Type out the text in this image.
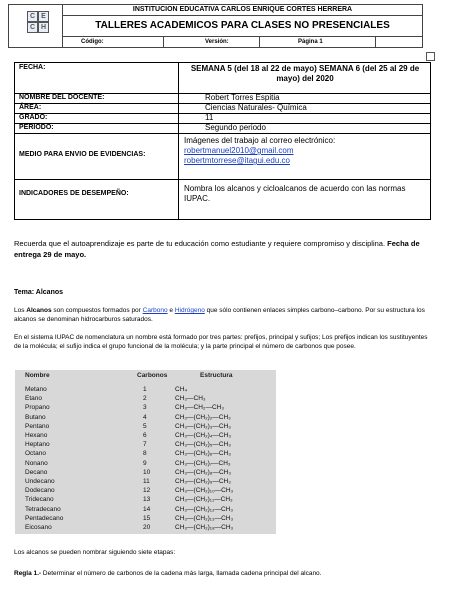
C E
C H
INSTITUCION EDUCATIVA CARLOS ENRIQUE CORTES HERRERA
TALLERES ACADEMICOS PARA CLASES NO PRESENCIALES
Código:	Versión:	Página 1
FECHA:	SEMANA 5 (del 18 al 22 de mayo) SEMANA 6 (del 25 al 29 de mayo) del 2020
NOMBRE DEL DOCENTE:	Robert Torres Espitia
ÁREA:	Ciencias Naturales- Química
GRADO:	11
PERIODO:	Segundo periodo
MEDIO PARA ENVIO DE EVIDENCIAS:
Imágenes del trabajo al correo electrónico:
robertmanuel2010@gmail.com
robertmtorrese@itagui.edu.co
INDICADORES DE DESEMPEÑO:
Nombra los alcanos y cicloalcanos de acuerdo con las normas IUPAC.
Recuerda que el autoaprendizaje es parte de tu educación como estudiante y requiere compromiso y disciplina. Fecha de entrega 29 de mayo.
Tema: Alcanos
Los Alcanos son compuestos formados por Carbono e Hidrógeno que sólo contienen enlaces simples carbono–carbono. Por su estructura los alcanos se denominan hidrocarburos saturados.
En el sistema IUPAC de nomenclatura un nombre está formado por tres partes: prefijos, principal y sufijos; Los prefijos indican los sustituyentes de la molécula; el sufijo indica el grupo funcional de la molécula; y la parte principal el número de carbonos que posee.
Nombre	Carbonos	Estructura
Metano	1	CH₄
Etano	2	CH₃—CH₃
Propano	3	CH₃—CH₂—CH₃
Butano	4	CH₃—(CH₂)₂—CH₃
Pentano	5	CH₃—(CH₂)₃—CH₃
Hexano	6	CH₃—(CH₂)₄—CH₃
Heptano	7	CH₃—(CH₂)₅—CH₃
Octano	8	CH₃—(CH₂)₆—CH₃
Nonano	9	CH₃—(CH₂)₇—CH₃
Decano	10	CH₃—(CH₂)₈—CH₃
Undecano	11	CH₃—(CH₂)₉—CH₃
Dodecano	12	CH₃—(CH₂)₁₀—CH₃
Tridecano	13	CH₃—(CH₂)₁₁—CH₃
Tetradecano	14	CH₃—(CH₂)₁₂—CH₃
Pentadecano	15	CH₃—(CH₂)₁₃—CH₃
Eicosano	20	CH₃—(CH₂)₁₈—CH₃
Los alcanos se pueden nombrar siguiendo siete etapas:
Regla 1.- Determinar el número de carbonos de la cadena más larga, llamada cadena principal del alcano.
